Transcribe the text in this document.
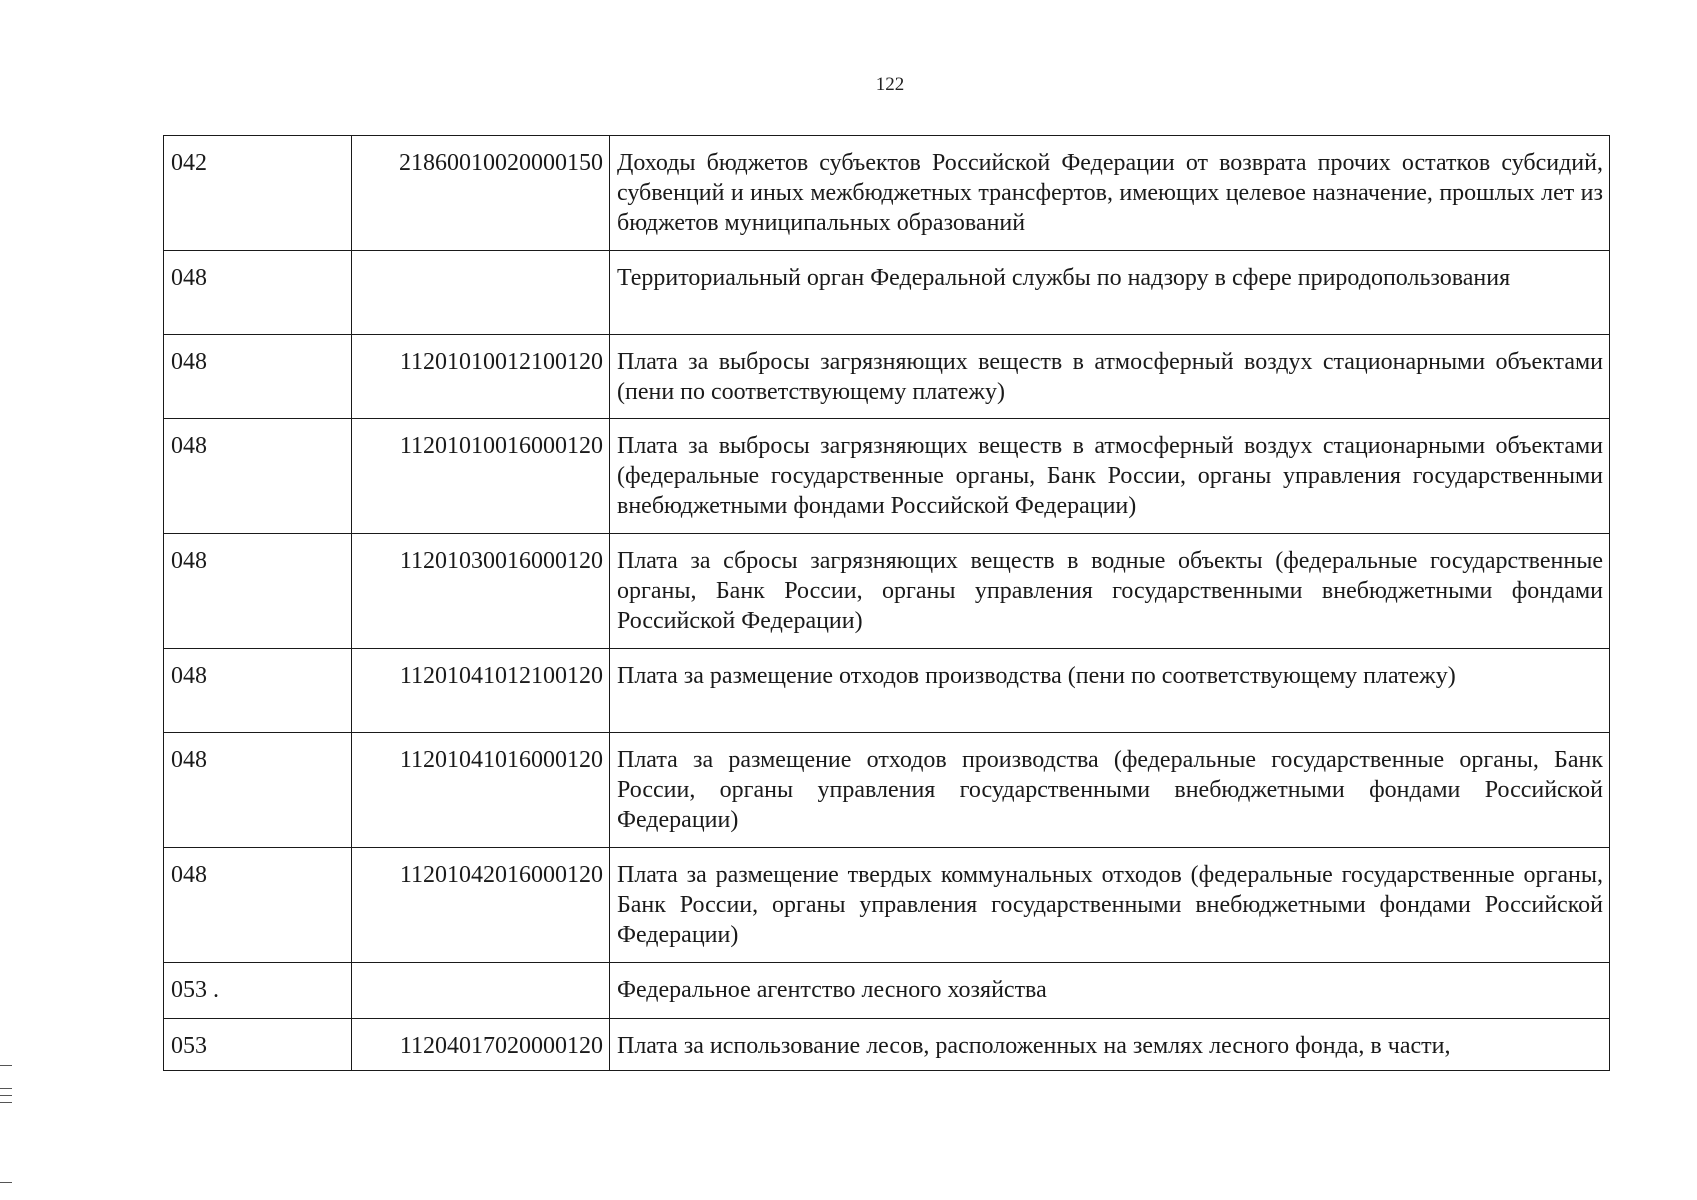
122
042	21860010020000150	Доходы бюджетов субъектов Российской Федерации от возврата прочих остатков субсидий, субвенций и иных межбюджетных трансфертов, имеющих целевое назначение, прошлых лет из бюджетов муниципальных образований
048		Территориальный орган Федеральной службы по надзору в сфере природопользования
048	11201010012100120	Плата за выбросы загрязняющих веществ в атмосферный воздух стационарными объектами (пени по соответствующему платежу)
048	11201010016000120	Плата за выбросы загрязняющих веществ в атмосферный воздух стационарными объектами (федеральные государственные органы, Банк России, органы управления государственными внебюджетными фондами Российской Федерации)
048	11201030016000120	Плата за сбросы загрязняющих веществ в водные объекты (федеральные государственные органы, Банк России, органы управления государственными внебюджетными фондами Российской Федерации)
048	11201041012100120	Плата за размещение отходов производства (пени по соответствующему платежу)
048	11201041016000120	Плата за размещение отходов производства (федеральные государственные органы, Банк России, органы управления государственными внебюджетными фондами Российской Федерации)
048	11201042016000120	Плата за размещение твердых коммунальных отходов (федеральные государственные органы, Банк России, органы управления государственными внебюджетными фондами Российской Федерации)
053 .		Федеральное агентство лесного хозяйства
053	11204017020000120	Плата за использование лесов, расположенных на землях лесного фонда, в части,
